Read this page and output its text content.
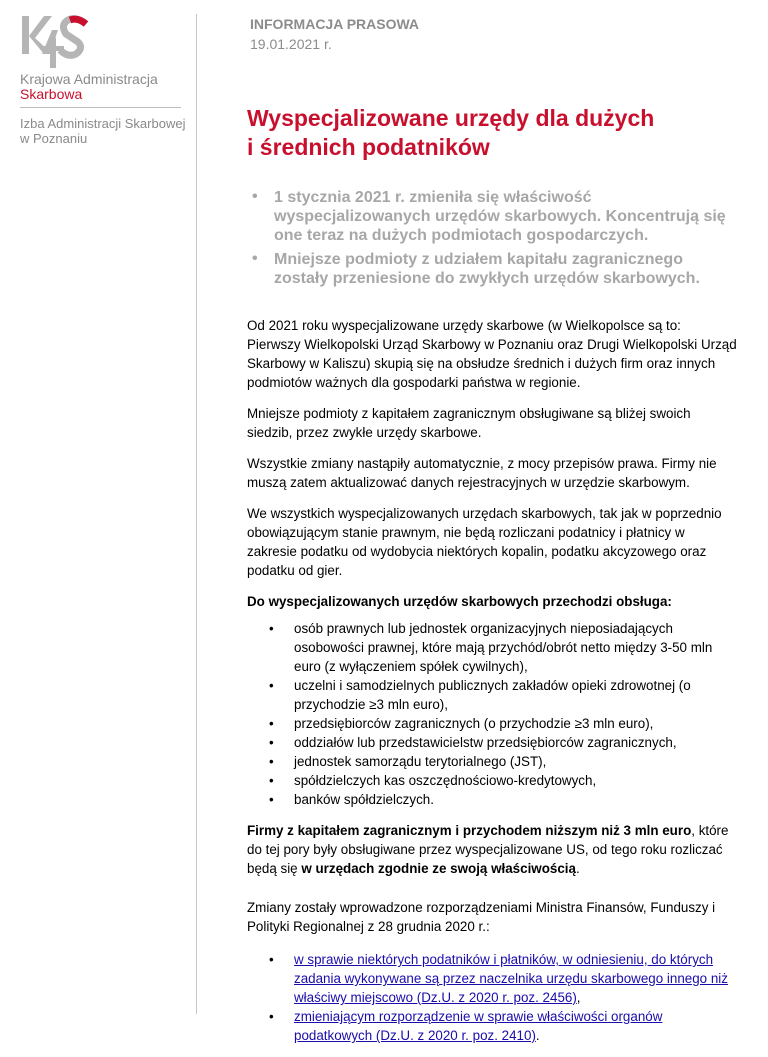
Krajowa Administracja
Skarbowa
Izba Administracji Skarbowej w Poznaniu
INFORMACJA PRASOWA
19.01.2021 r.
Wyspecjalizowane urzędy dla dużych
i średnich podatników
• 1 stycznia 2021 r. zmieniła się właściwość wyspecjalizowanych urzędów skarbowych. Koncentrują się one teraz na dużych podmiotach gospodarczych.
• Mniejsze podmioty z udziałem kapitału zagranicznego zostały przeniesione do zwykłych urzędów skarbowych.

Od 2021 roku wyspecjalizowane urzędy skarbowe (w Wielkopolsce są to: Pierwszy Wielkopolski Urząd Skarbowy w Poznaniu oraz Drugi Wielkopolski Urząd Skarbowy w Kaliszu) skupią się na obsłudze średnich i dużych firm oraz innych podmiotów ważnych dla gospodarki państwa w regionie.

Mniejsze podmioty z kapitałem zagranicznym obsługiwane są bliżej swoich siedzib, przez zwykłe urzędy skarbowe.

Wszystkie zmiany nastąpiły automatycznie, z mocy przepisów prawa. Firmy nie muszą zatem aktualizować danych rejestracyjnych w urzędzie skarbowym.

We wszystkich wyspecjalizowanych urzędach skarbowych, tak jak w poprzednio obowiązującym stanie prawnym, nie będą rozliczani podatnicy i płatnicy w zakresie podatku od wydobycia niektórych kopalin, podatku akcyzowego oraz podatku od gier.

Do wyspecjalizowanych urzędów skarbowych przechodzi obsługa:

• osób prawnych lub jednostek organizacyjnych nieposiadających osobowości prawnej, które mają przychód/obrót netto między 3-50 mln euro (z wyłączeniem spółek cywilnych),
• uczelni i samodzielnych publicznych zakładów opieki zdrowotnej (o przychodzie ≥3 mln euro),
• przedsiębiorców zagranicznych (o przychodzie ≥3 mln euro),
• oddziałów lub przedstawicielstw przedsiębiorców zagranicznych,
• jednostek samorządu terytorialnego (JST),
• spółdzielczych kas oszczędnościowo-kredytowych,
• banków spółdzielczych.

Firmy z kapitałem zagranicznym i przychodem niższym niż 3 mln euro, które do tej pory były obsługiwane przez wyspecjalizowane US, od tego roku rozliczać będą się w urzędach zgodnie ze swoją właściwością.

Zmiany zostały wprowadzone rozporządzeniami Ministra Finansów, Funduszy i Polityki Regionalnej z 28 grudnia 2020 r.:

• w sprawie niektórych podatników i płatników, w odniesieniu, do których zadania wykonywane są przez naczelnika urzędu skarbowego innego niż właściwy miejscowo (Dz.U. z 2020 r. poz. 2456),
• zmieniającym rozporządzenie w sprawie właściwości organów podatkowych (Dz.U. z 2020 r. poz. 2410).
